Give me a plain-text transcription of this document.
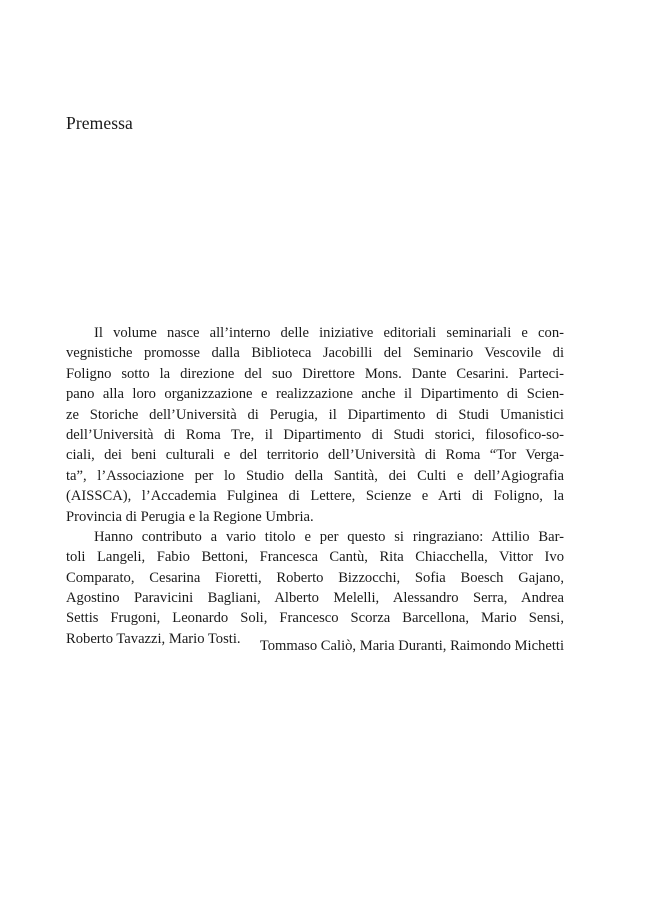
Premessa
Il volume nasce all’interno delle iniziative editoriali seminariali e con-
vegnistiche promosse dalla Biblioteca Jacobilli del Seminario Vescovile di
Foligno sotto la direzione del suo Direttore Mons. Dante Cesarini. Parteci-
pano alla loro organizzazione e realizzazione anche il Dipartimento di Scien-
ze Storiche dell’Università di Perugia, il Dipartimento di Studi Umanistici
dell’Università di Roma Tre, il Dipartimento di Studi storici, filosofico-so-
ciali, dei beni culturali e del territorio dell’Università di Roma “Tor Verga-
ta”, l’Associazione per lo Studio della Santità, dei Culti e dell’Agiografia
(AISSCA), l’Accademia Fulginea di Lettere, Scienze e Arti di Foligno, la
Provincia di Perugia e la Regione Umbria.
Hanno contributo a vario titolo e per questo si ringraziano: Attilio Bar-
toli Langeli, Fabio Bettoni, Francesca Cantù, Rita Chiacchella, Vittor Ivo
Comparato, Cesarina Fioretti, Roberto Bizzocchi, Sofia Boesch Gajano,
Agostino Paravicini Bagliani, Alberto Melelli, Alessandro Serra, Andrea
Settis Frugoni, Leonardo Soli, Francesco Scorza Barcellona, Mario Sensi,
Roberto Tavazzi, Mario Tosti.	Tommaso Caliò, Maria Duranti, Raimondo Michetti
